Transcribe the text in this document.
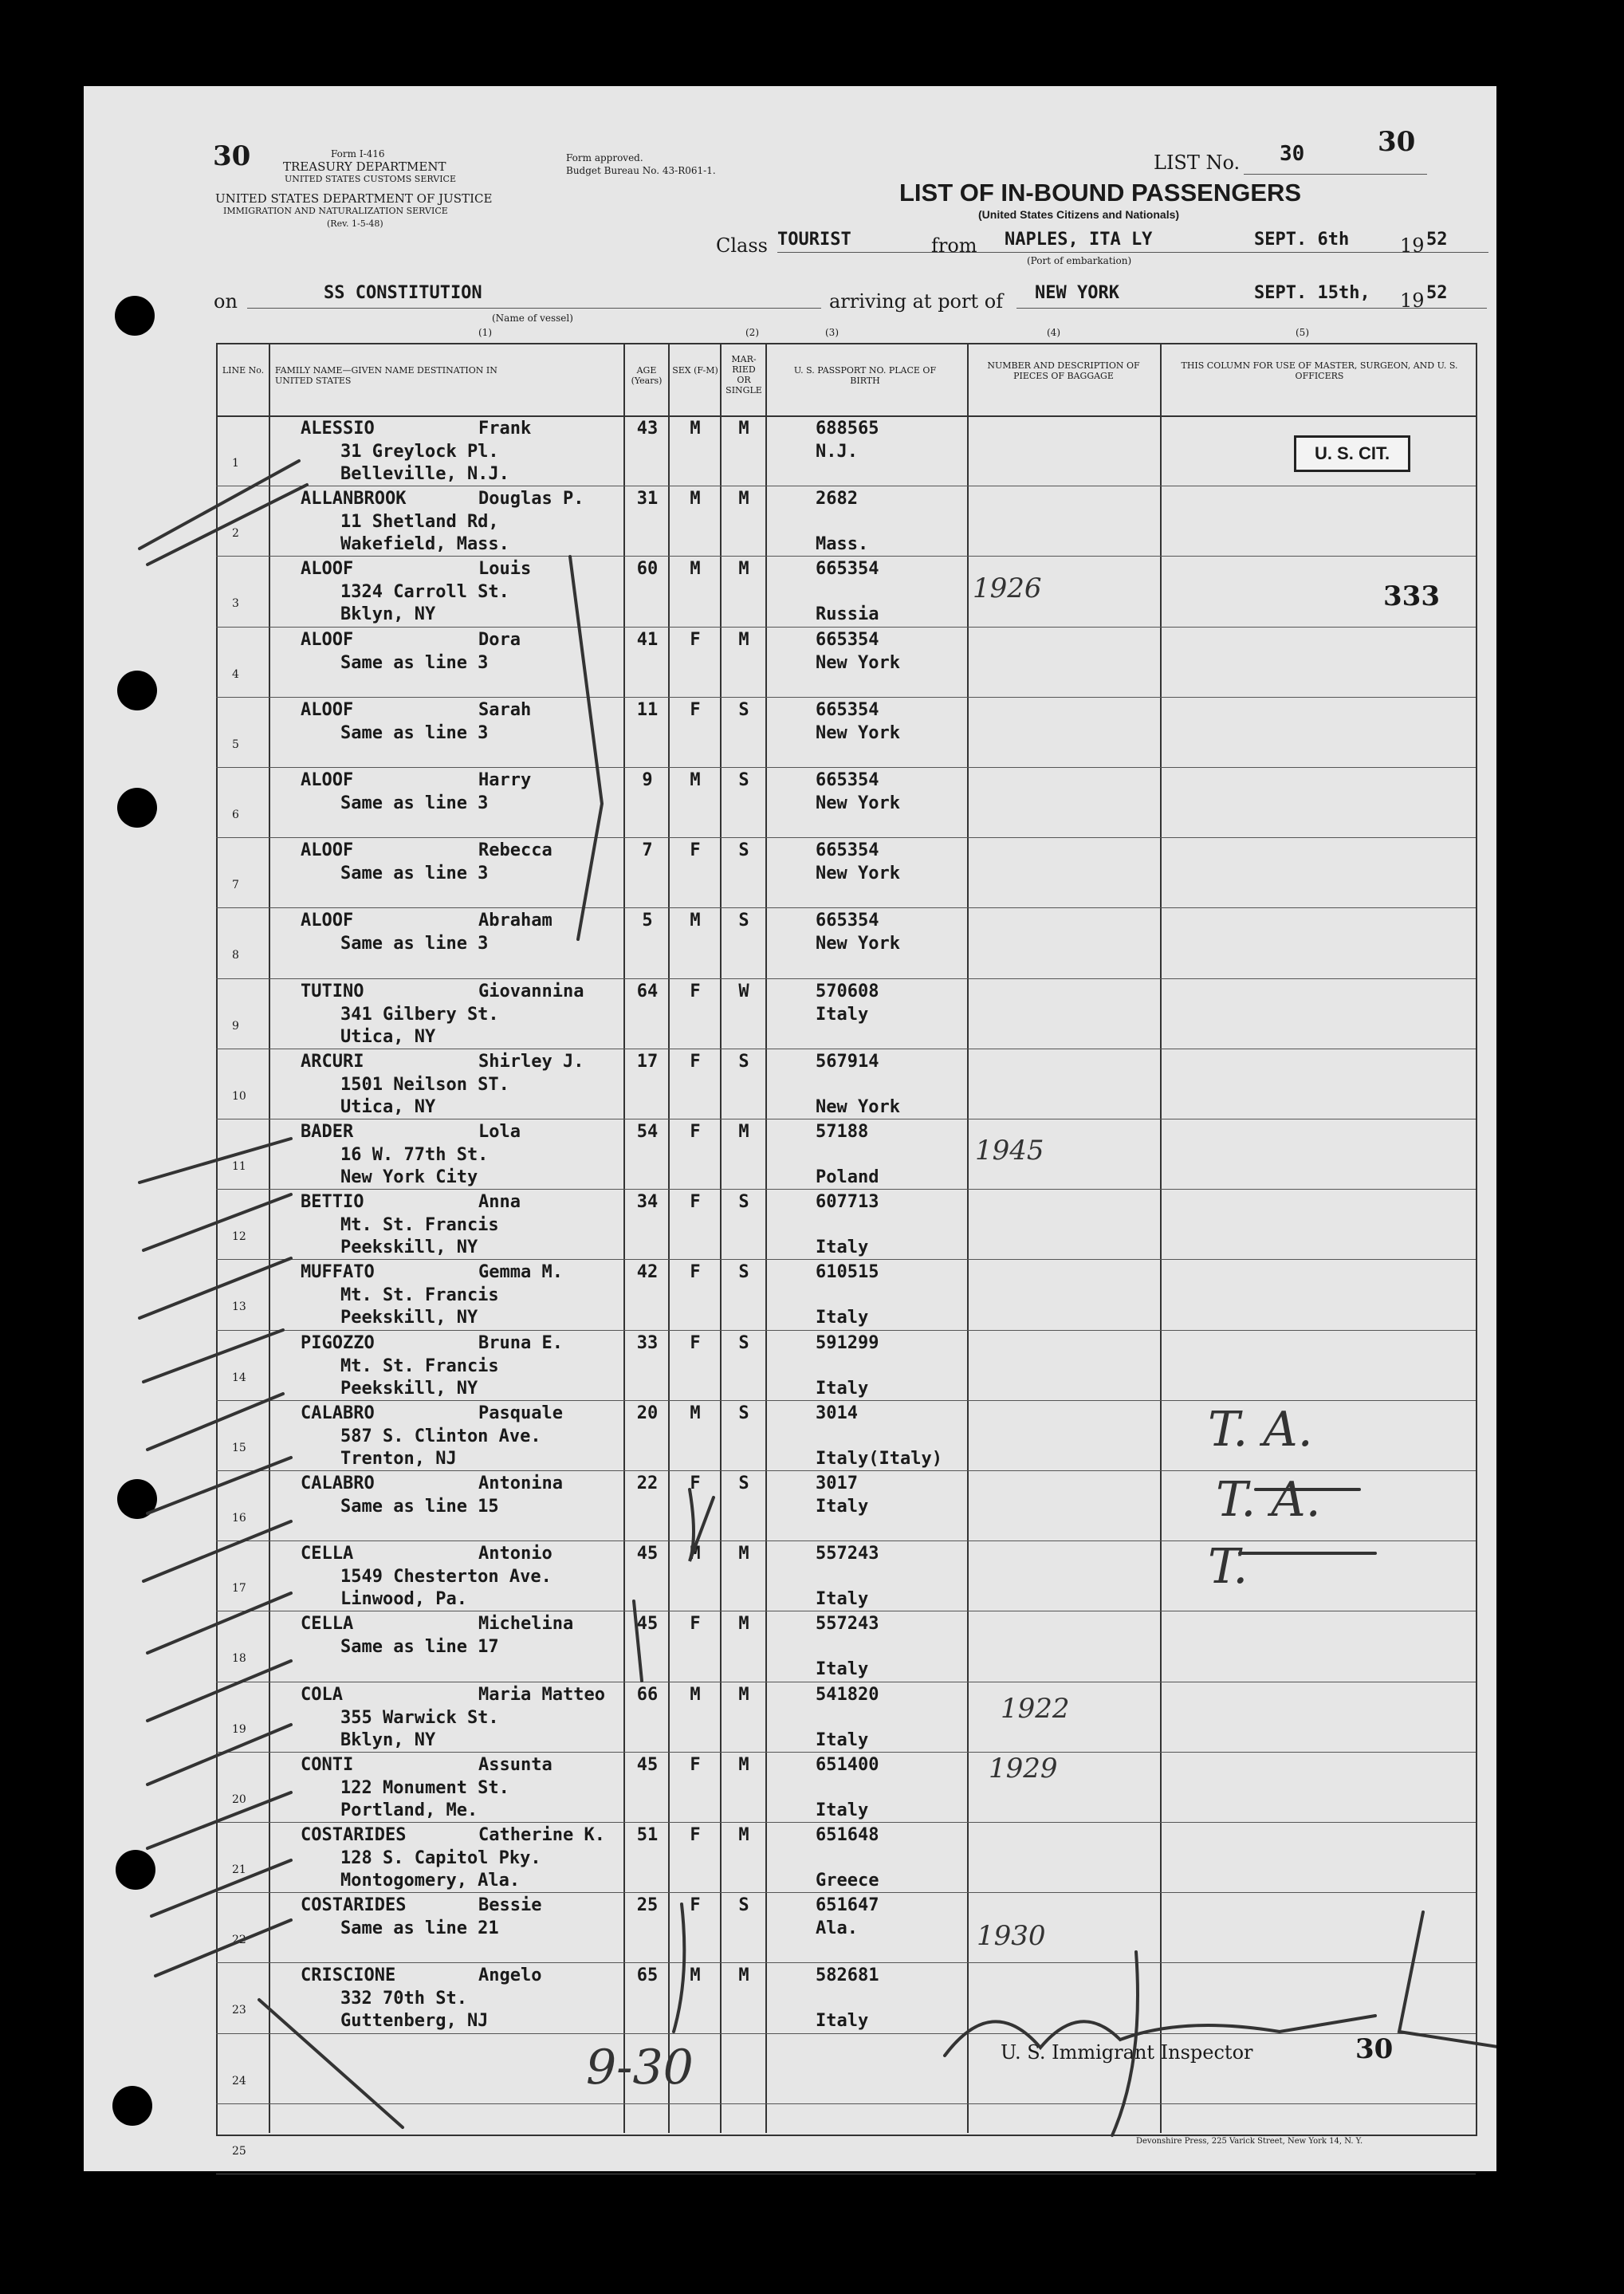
30	Form I-416
TREASURY DEPARTMENT
UNITED STATES CUSTOMS SERVICE
UNITED STATES DEPARTMENT OF JUSTICE
IMMIGRATION AND NATURALIZATION SERVICE
(Rev. 1-5-48)
Form approved.
Budget Bureau No. 43-R061-1.	LIST No. 30	30
LIST OF IN-BOUND PASSENGERS
(United States Citizens and Nationals)
Class TOURIST	from NAPLES, ITA LY
(Port of embarkation)
SEPT. 6th	19 52
on	SS CONSTITUTION
(Name of vessel)
arriving at port of NEW YORK	SEPT. 15th, 19 52
(1)	(2)	(3)	(4)	(5)
LINE No. FAMILY NAME—GIVEN NAME DESTINATION IN UNITED STATES
AGE (Years)
SEX (F-M)
MAR-RIED OR SINGLE
U. S. PASSPORT NO. PLACE OF BIRTH
NUMBER AND DESCRIPTION OF PIECES OF BAGGAGE
THIS COLUMN FOR USE OF MASTER, SURGEON, AND U. S. OFFICERS
1
ALESSIO	Frank
31 Greylock Pl.
Belleville, N.J.
43	M	M	688565
N.J.
2
ALLANBROOK	Douglas P.
11 Shetland Rd,
Wakefield, Mass.
31	M	M	2682
Mass.
3
ALOOF	Louis
1324 Carroll St.
Bklyn, NY
60	M	M	665354
Russia
4
ALOOF	Dora
Same as line 3
41	F	M	665354
New York
5
ALOOF	Sarah
Same as line 3
11	F	S	665354
New York
6
ALOOF	Harry
Same as line 3
9	M	S	665354
New York
7
ALOOF	Rebecca
Same as line 3
7	F	S	665354
New York
8
ALOOF	Abraham
Same as line 3
5	M	S	665354
New York
9
TUTINO	Giovannina
341 Gilbery St.
Utica, NY
64	F	W	570608
Italy
10
ARCURI	Shirley J.
1501 Neilson ST.
Utica, NY
17	F	S	567914
New York
11
BADER	Lola
16 W. 77th St.
New York City
54	F	M	57188
Poland
12
BETTIO	Anna
Mt. St. Francis
Peekskill, NY
34	F	S	607713
Italy
13
MUFFATO	Gemma M.
Mt. St. Francis
Peekskill, NY
42	F	S	610515
Italy
14
PIGOZZO	Bruna E.
Mt. St. Francis
Peekskill, NY
33	F	S	591299
Italy
15
CALABRO	Pasquale
587 S. Clinton Ave.
Trenton, NJ
20	M	S	3014
Italy(Italy)
16
CALABRO	Antonina
Same as line 15
22	F	S	3017
Italy
17
CELLA	Antonio
1549 Chesterton Ave.
Linwood, Pa.
45	M	M	557243
Italy
18
CELLA	Michelina
Same as line 17
45	F	M	557243
Italy
19
COLA	Maria Matteo
355 Warwick St.
Bklyn, NY
66	M	M	541820
Italy
20
CONTI	Assunta
122 Monument St.
Portland, Me.
45	F	M	651400
Italy
21
COSTARIDES	Catherine K.
128 S. Capitol Pky.
Montogomery, Ala.
51	F	M	651648
Greece
22
COSTARIDES	Bessie
Same as line 21
25	F	S	651647
Ala.
23
CRISCIONE	Angelo
332 70th St.
Guttenberg, NJ
65	M	M	582681
Italy
24
25
U. S. CIT.
333
1926
1945
1922
1929
1930
T. A.
T. A.
T.
U. S. Immigrant Inspector	30
9-30
Devonshire Press, 225 Varick Street, New York 14, N. Y.
